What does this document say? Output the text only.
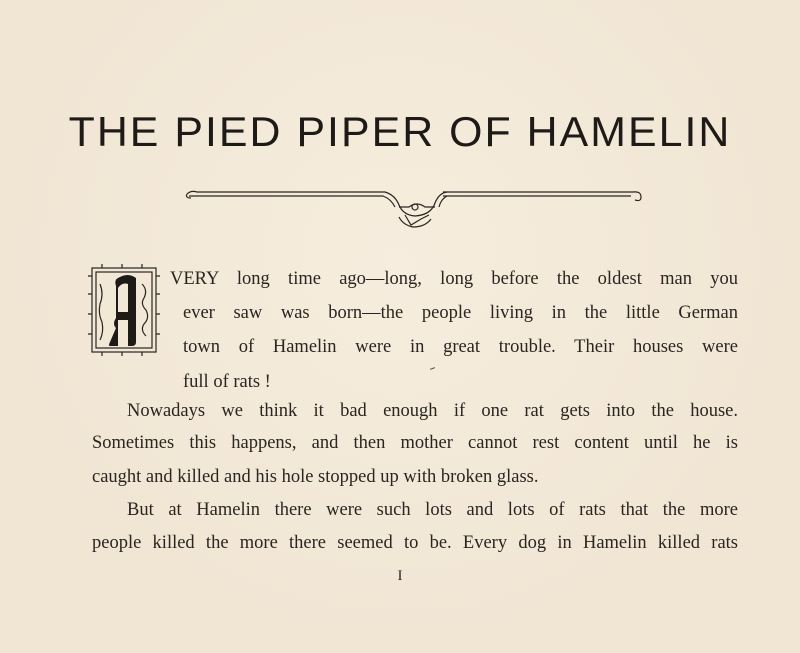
THE PIED PIPER OF HAMELIN
VERY long time ago—long, long before the oldest man you
ever saw was born—the people living in the little German
town of Hamelin were in great trouble. Their houses were
full of rats !
Nowadays we think it bad enough if one rat gets into the house.
Sometimes this happens, and then mother cannot rest content until he is
caught and killed and his hole stopped up with broken glass.
But at Hamelin there were such lots and lots of rats that the more
people killed the more there seemed to be. Every dog in Hamelin killed rats
I
